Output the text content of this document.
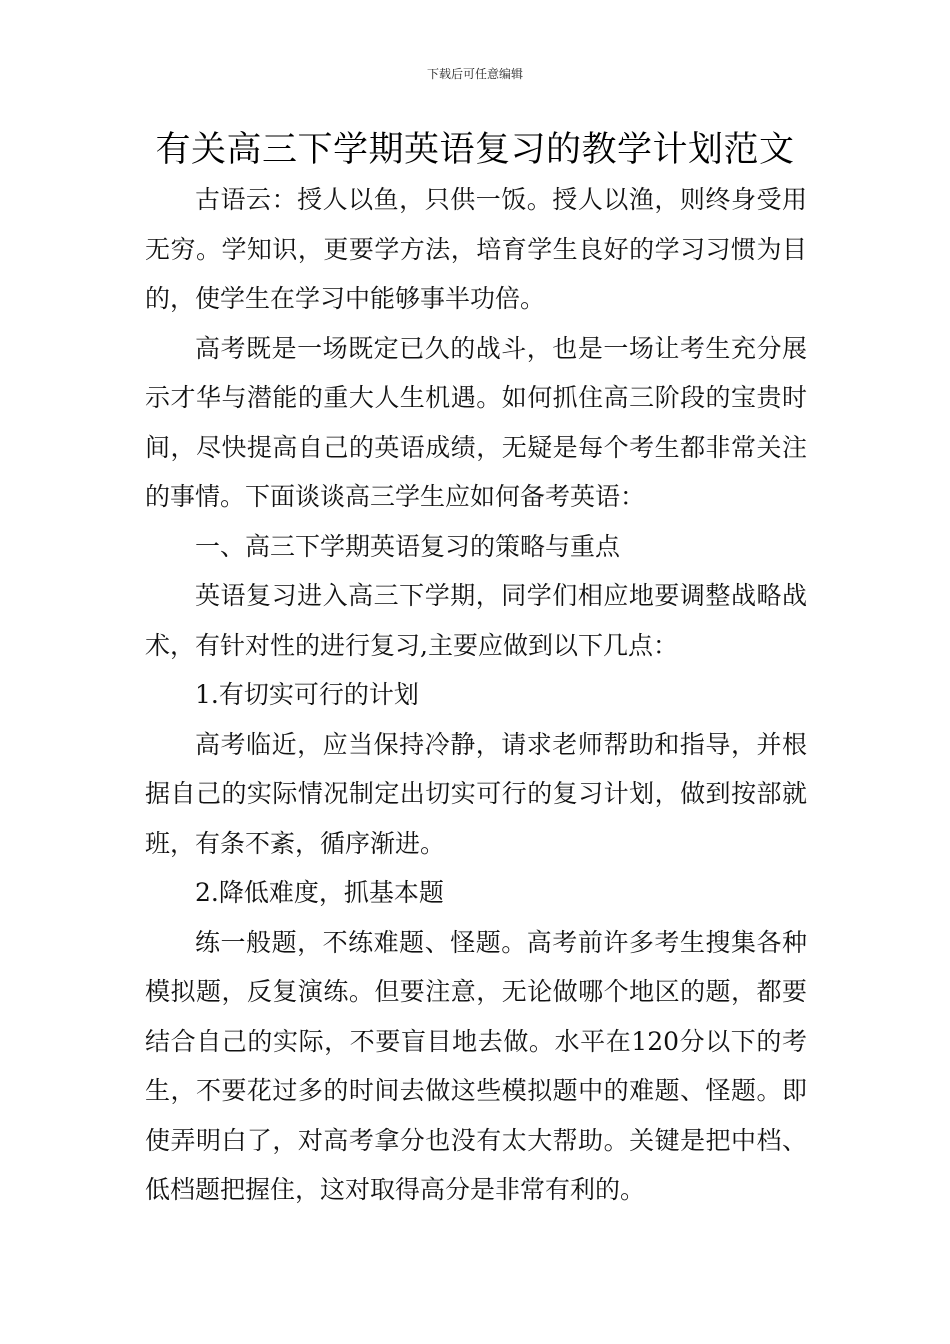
下载后可任意编辑
有关高三下学期英语复习的教学计划范文

古语云：授人以鱼，只供一饭。授人以渔，则终身受用无穷。学知识，更要学方法，培育学生良好的学习习惯为目的，使学生在学习中能够事半功倍。

高考既是一场既定已久的战斗，也是一场让考生充分展示才华与潜能的重大人生机遇。如何抓住高三阶段的宝贵时间，尽快提高自己的英语成绩，无疑是每个考生都非常关注的事情。下面谈谈高三学生应如何备考英语：

一、高三下学期英语复习的策略与重点

英语复习进入高三下学期，同学们相应地要调整战略战术，有针对性的进行复习,主要应做到以下几点：

1.有切实可行的计划

高考临近，应当保持冷静，请求老师帮助和指导，并根据自己的实际情况制定出切实可行的复习计划，做到按部就班，有条不紊，循序渐进。

2.降低难度，抓基本题

练一般题，不练难题、怪题。高考前许多考生搜集各种模拟题，反复演练。但要注意，无论做哪个地区的题，都要结合自己的实际，不要盲目地去做。水平在120分以下的考生，不要花过多的时间去做这些模拟题中的难题、怪题。即使弄明白了，对高考拿分也没有太大帮助。关键是把中档、低档题把握住，这对取得高分是非常有利的。
